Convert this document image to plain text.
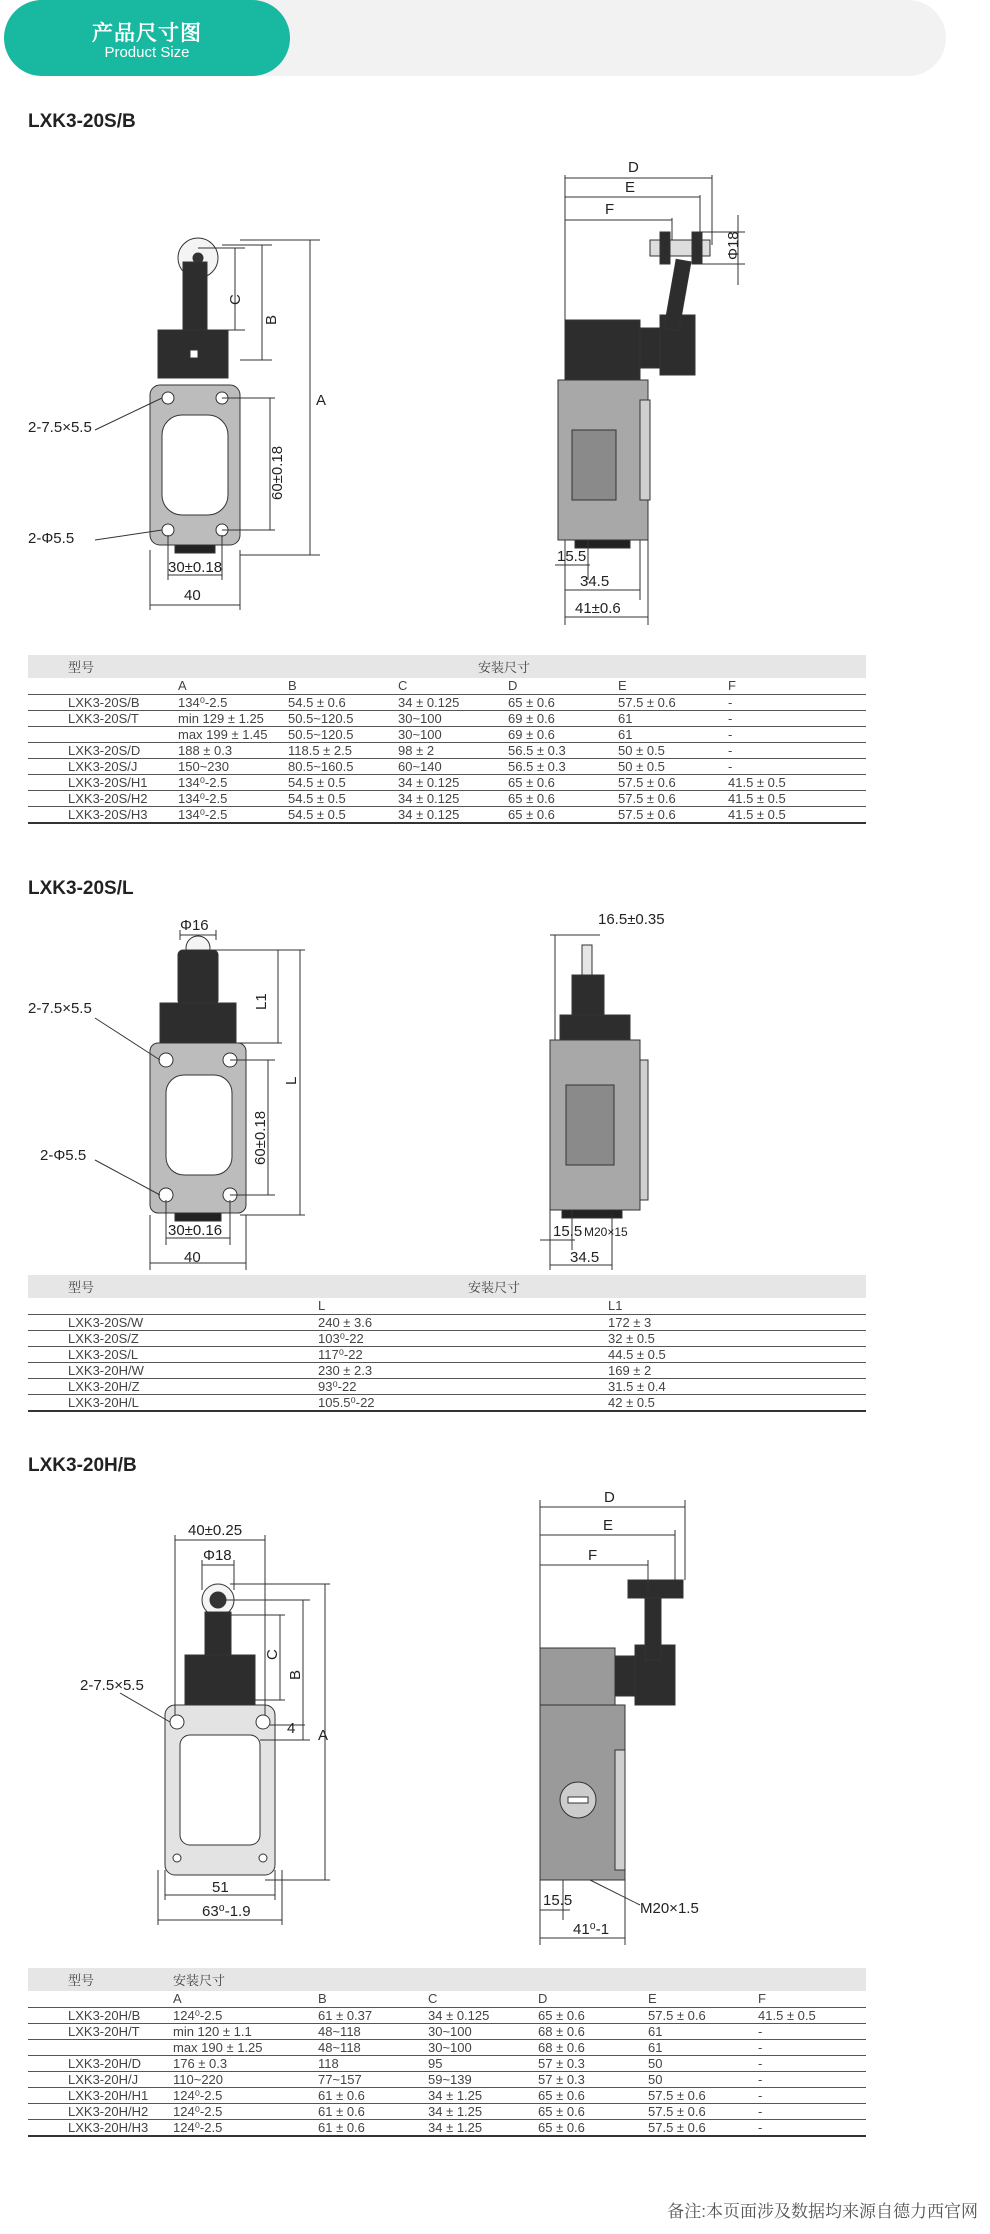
产品尺寸图
Product Size
LXK3-20S/B
C
B
A
60±0.18
2-7.5×5.5
2-Φ5.5
30±0.18
40
D
E
F
Φ18
15.5
34.5
41±0.6
型号	安装尺寸					
	A	B	C	D	E	F
LXK3-20S/B	134⁰-2.5	54.5 ± 0.6	34 ± 0.125	65 ± 0.6	57.5 ± 0.6	-
LXK3-20S/T	min 129 ± 1.25	50.5~120.5	30~100	69 ± 0.6	61	-
	max 199 ± 1.45	50.5~120.5	30~100	69 ± 0.6	61	-
LXK3-20S/D	188 ± 0.3	118.5 ± 2.5	98 ± 2	56.5 ± 0.3	50 ± 0.5	-
LXK3-20S/J	150~230	80.5~160.5	60~140	56.5 ± 0.3	50 ± 0.5	-
LXK3-20S/H1	134⁰-2.5	54.5 ± 0.5	34 ± 0.125	65 ± 0.6	57.5 ± 0.6	41.5 ± 0.5
LXK3-20S/H2	134⁰-2.5	54.5 ± 0.5	34 ± 0.125	65 ± 0.6	57.5 ± 0.6	41.5 ± 0.5
LXK3-20S/H3	134⁰-2.5	54.5 ± 0.5	34 ± 0.125	65 ± 0.6	57.5 ± 0.6	41.5 ± 0.5
LXK3-20S/L
Φ16
L1
L
60±0.18
2-7.5×5.5
2-Φ5.5
30±0.16
40
16.5±0.35
15.5 M20×15
34.5
型号	安装尺寸	
	L	L1
LXK3-20S/W	240 ± 3.6	172 ± 3
LXK3-20S/Z	103⁰-22	32 ± 0.5
LXK3-20S/L	117⁰-22	44.5 ± 0.5
LXK3-20H/W	230 ± 2.3	169 ± 2
LXK3-20H/Z	93⁰-22	31.5 ± 0.4
LXK3-20H/L	105.5⁰-22	42 ± 0.5
LXK3-20H/B
40±0.25
Φ18
C
B
A
4
2-7.5×5.5
51
63⁰-1.9
D
E
F
15.5	M20×1.5
41⁰-1
型号	安装尺寸					
	A	B	C	D	E	F
LXK3-20H/B	124⁰-2.5	61 ± 0.37	34 ± 0.125	65 ± 0.6	57.5 ± 0.6	41.5 ± 0.5
LXK3-20H/T	min 120 ± 1.1	48~118	30~100	68 ± 0.6	61	-
	max 190 ± 1.25	48~118	30~100	68 ± 0.6	61	-
LXK3-20H/D	176 ± 0.3	118	95	57 ± 0.3	50	-
LXK3-20H/J	110~220	77~157	59~139	57 ± 0.3	50	-
LXK3-20H/H1	124⁰-2.5	61 ± 0.6	34 ± 1.25	65 ± 0.6	57.5 ± 0.6	-
LXK3-20H/H2	124⁰-2.5	61 ± 0.6	34 ± 1.25	65 ± 0.6	57.5 ± 0.6	-
LXK3-20H/H3	124⁰-2.5	61 ± 0.6	34 ± 1.25	65 ± 0.6	57.5 ± 0.6	-
备注:本页面涉及数据均来源自德力西官网
